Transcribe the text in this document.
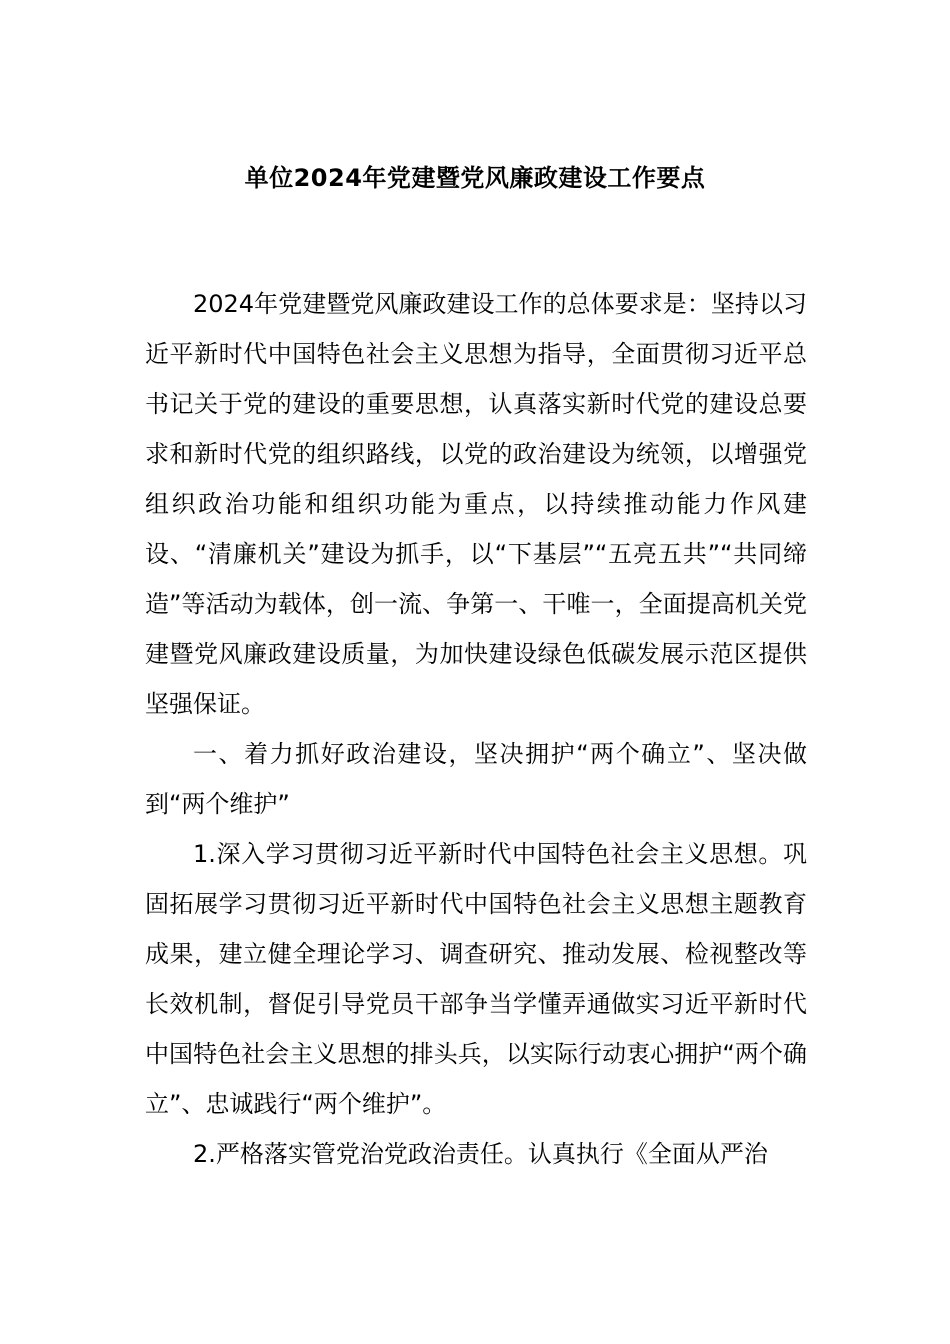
单位2024年党建暨党风廉政建设工作要点

2024年党建暨党风廉政建设工作的总体要求是：坚持以习近平新时代中国特色社会主义思想为指导，全面贯彻习近平总书记关于党的建设的重要思想，认真落实新时代党的建设总要求和新时代党的组织路线，以党的政治建设为统领，以增强党组织政治功能和组织功能为重点，以持续推动能力作风建设、“清廉机关”建设为抓手，以“下基层”“五亮五共”“共同缔造”等活动为载体，创一流、争第一、干唯一，全面提高机关党建暨党风廉政建设质量，为加快建设绿色低碳发展示范区提供坚强保证。

一、着力抓好政治建设，坚决拥护“两个确立”、坚决做到“两个维护”

1.深入学习贯彻习近平新时代中国特色社会主义思想。巩固拓展学习贯彻习近平新时代中国特色社会主义思想主题教育成果，建立健全理论学习、调查研究、推动发展、检视整改等长效机制，督促引导党员干部争当学懂弄通做实习近平新时代中国特色社会主义思想的排头兵，以实际行动衷心拥护“两个确立”、忠诚践行“两个维护”。

2.严格落实管党治党政治责任。认真执行《全面从严治
